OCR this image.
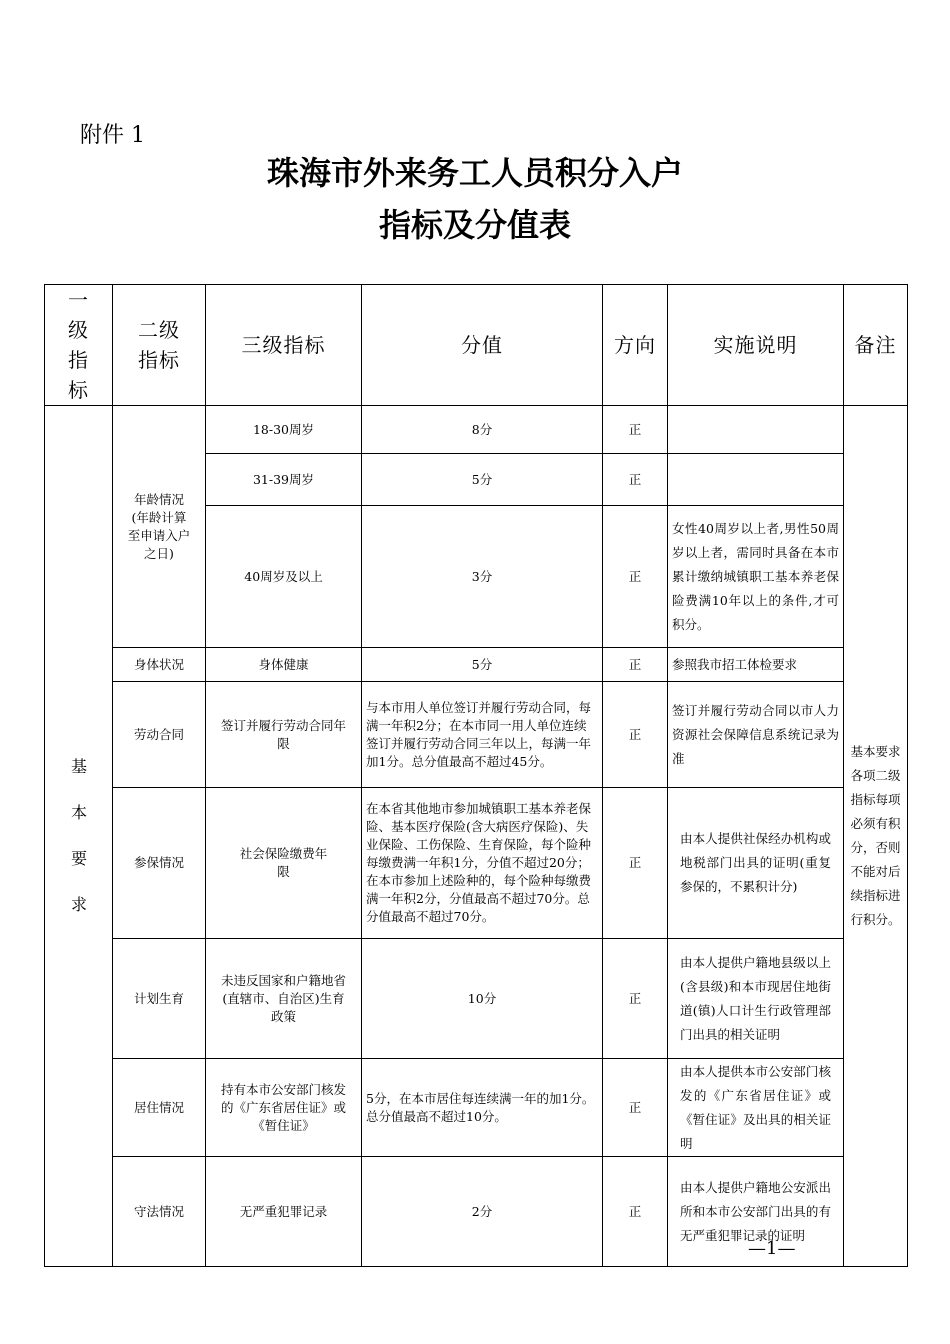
附件 1
珠海市外来务工人员积分入户
指标及分值表
一级指标	二级指标	三级指标	分值	方向	实施说明	备注	
基本要求	年龄情况(年龄计算至申请入户之日)	18-30周岁	8分	正		基本要求各项二级指标每项必须有积分，否则不能对后续指标进行积分。	
		31-39周岁	5分	正			
		40周岁及以上	3分	正	女性40周岁以上者,男性50周岁以上者，需同时具备在本市累计缴纳城镇职工基本养老保险费满10年以上的条件,才可积分。		
	身体状况	身体健康	5分	正	参照我市招工体检要求		
	劳动合同	签订并履行劳动合同年限	与本市用人单位签订并履行劳动合同，每满一年积2分；在本市同一用人单位连续签订并履行劳动合同三年以上，每满一年加1分。总分值最高不超过45分。	正	签订并履行劳动合同以市人力资源社会保障信息系统记录为准		
	参保情况	社会保险缴费年限	在本省其他地市参加城镇职工基本养老保险、基本医疗保险(含大病医疗保险)、失业保险、工伤保险、生育保险，每个险种每缴费满一年积1分，分值不超过20分；在本市参加上述险种的，每个险种每缴费满一年积2分，分值最高不超过70分。总分值最高不超过70分。	正	由本人提供社保经办机构或地税部门出具的证明(重复参保的，不累积计分)		
	计划生育	未违反国家和户籍地省(直辖市、自治区)生育政策	10分	正	由本人提供户籍地县级以上(含县级)和本市现居住地街道(镇)人口计生行政管理部门出具的相关证明		
	居住情况	持有本市公安部门核发的《广东省居住证》或《暂住证》	5分，在本市居住每连续满一年的加1分。总分值最高不超过10分。	正	由本人提供本市公安部门核发的《广东省居住证》或《暂住证》及出具的相关证明		
	守法情况	无严重犯罪记录	2分	正	由本人提供户籍地公安派出所和本市公安部门出具的有无严重犯罪记录的证明		
—1—
